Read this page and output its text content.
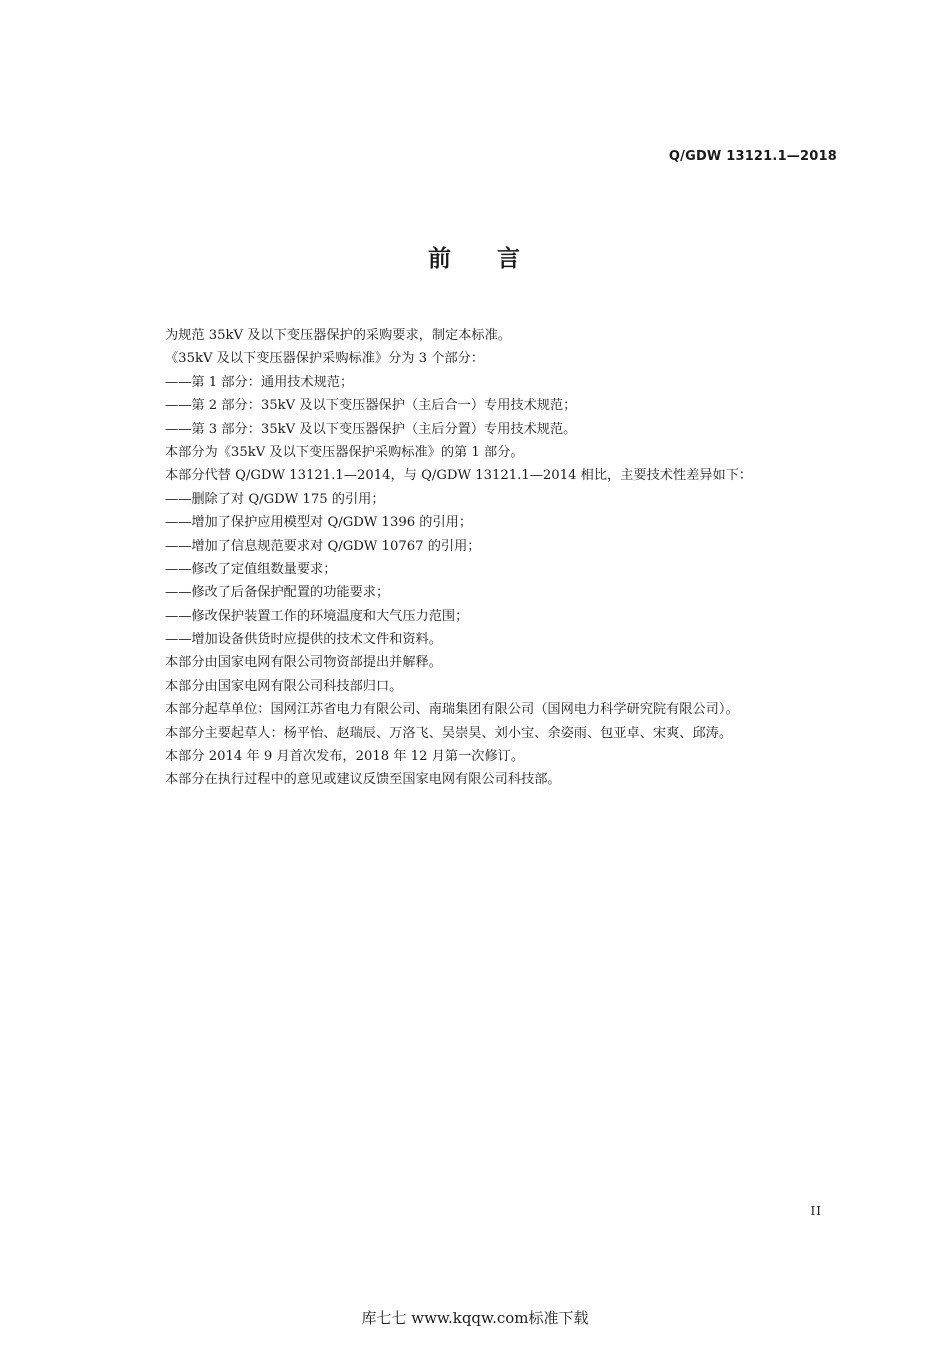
Q/GDW 13121.1—2018
前 言
为规范 35kV 及以下变压器保护的采购要求，制定本标准。
《35kV 及以下变压器保护采购标准》分为 3 个部分：
——第 1 部分：通用技术规范；
——第 2 部分：35kV 及以下变压器保护（主后合一）专用技术规范；
——第 3 部分：35kV 及以下变压器保护（主后分置）专用技术规范。
本部分为《35kV 及以下变压器保护采购标准》的第 1 部分。
本部分代替 Q/GDW 13121.1—2014，与 Q/GDW 13121.1—2014 相比，主要技术性差异如下：
——删除了对 Q/GDW 175 的引用；
——增加了保护应用模型对 Q/GDW 1396 的引用；
——增加了信息规范要求对 Q/GDW 10767 的引用；
——修改了定值组数量要求；
——修改了后备保护配置的功能要求；
——修改保护装置工作的环境温度和大气压力范围；
——增加设备供货时应提供的技术文件和资料。
本部分由国家电网有限公司物资部提出并解释。
本部分由国家电网有限公司科技部归口。
本部分起草单位：国网江苏省电力有限公司、南瑞集团有限公司（国网电力科学研究院有限公司）。
本部分主要起草人：杨平怡、赵瑞辰、万洛飞、吴崇昊、刘小宝、余姿雨、包亚卓、宋爽、邱涛。
本部分 2014 年 9 月首次发布，2018 年 12 月第一次修订。
本部分在执行过程中的意见或建议反馈至国家电网有限公司科技部。
II
库七七 www.kqqw.com标准下载
